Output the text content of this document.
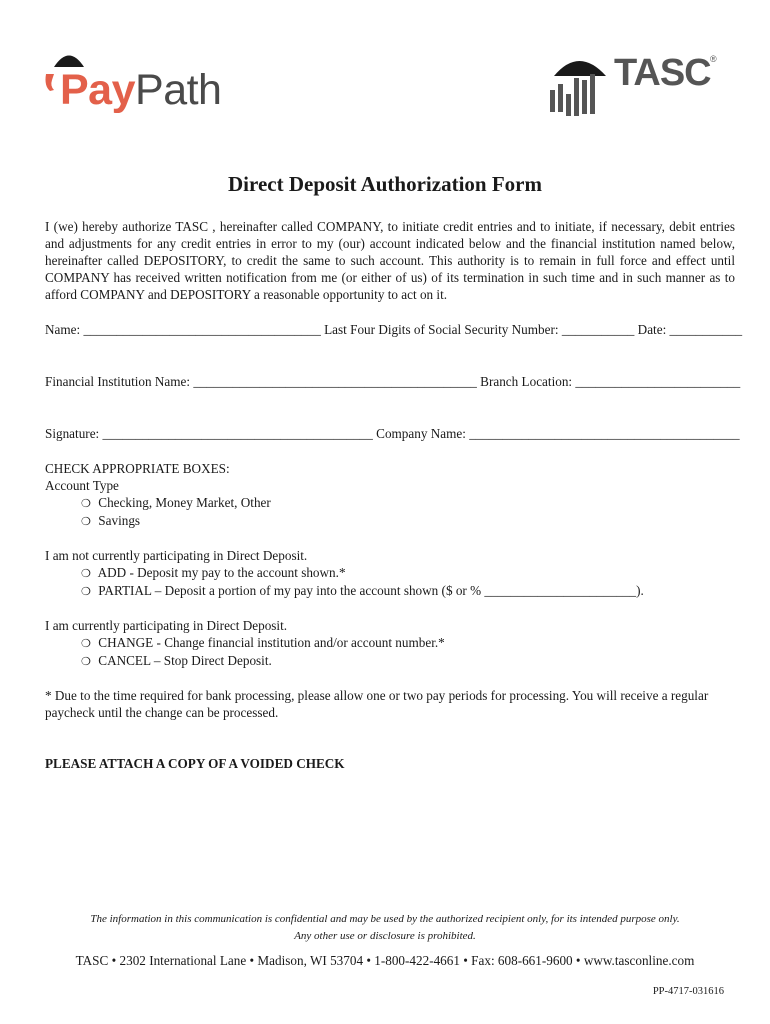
PayPath	TASC ®
Direct Deposit Authorization Form
I (we) hereby authorize TASC , hereinafter called COMPANY, to initiate credit entries and to initiate, if necessary, debit entries and adjustments for any credit entries in error to my (our) account indicated below and the financial institution named below, hereinafter called DEPOSITORY, to credit the same to such account. This authority is to remain in full force and effect until COMPANY has received written notification from me (or either of us) of its termination in such time and in such manner as to afford COMPANY and DEPOSITORY a reasonable opportunity to act on it.
Name: ____________________________________ Last Four Digits of Social Security Number: ___________ Date: ___________
Financial Institution Name: ___________________________________________ Branch Location: _________________________
Signature: _________________________________________ Company Name: _________________________________________
CHECK APPROPRIATE BOXES:
Account Type
❍ Checking, Money Market, Other
❍ Savings
I am not currently participating in Direct Deposit.
❍ ADD - Deposit my pay to the account shown.*
❍ PARTIAL – Deposit a portion of my pay into the account shown ($ or % _______________________).
I am currently participating in Direct Deposit.
❍ CHANGE - Change financial institution and/or account number.*
❍ CANCEL – Stop Direct Deposit.
* Due to the time required for bank processing, please allow one or two pay periods for processing. You will receive a regular paycheck until the change can be processed.
PLEASE ATTACH A COPY OF A VOIDED CHECK
The information in this communication is confidential and may be used by the authorized recipient only, for its intended purpose only.
Any other use or disclosure is prohibited.
TASC • 2302 International Lane • Madison, WI 53704 • 1-800-422-4661 • Fax: 608-661-9600 • www.tasconline.com
PP-4717-031616
